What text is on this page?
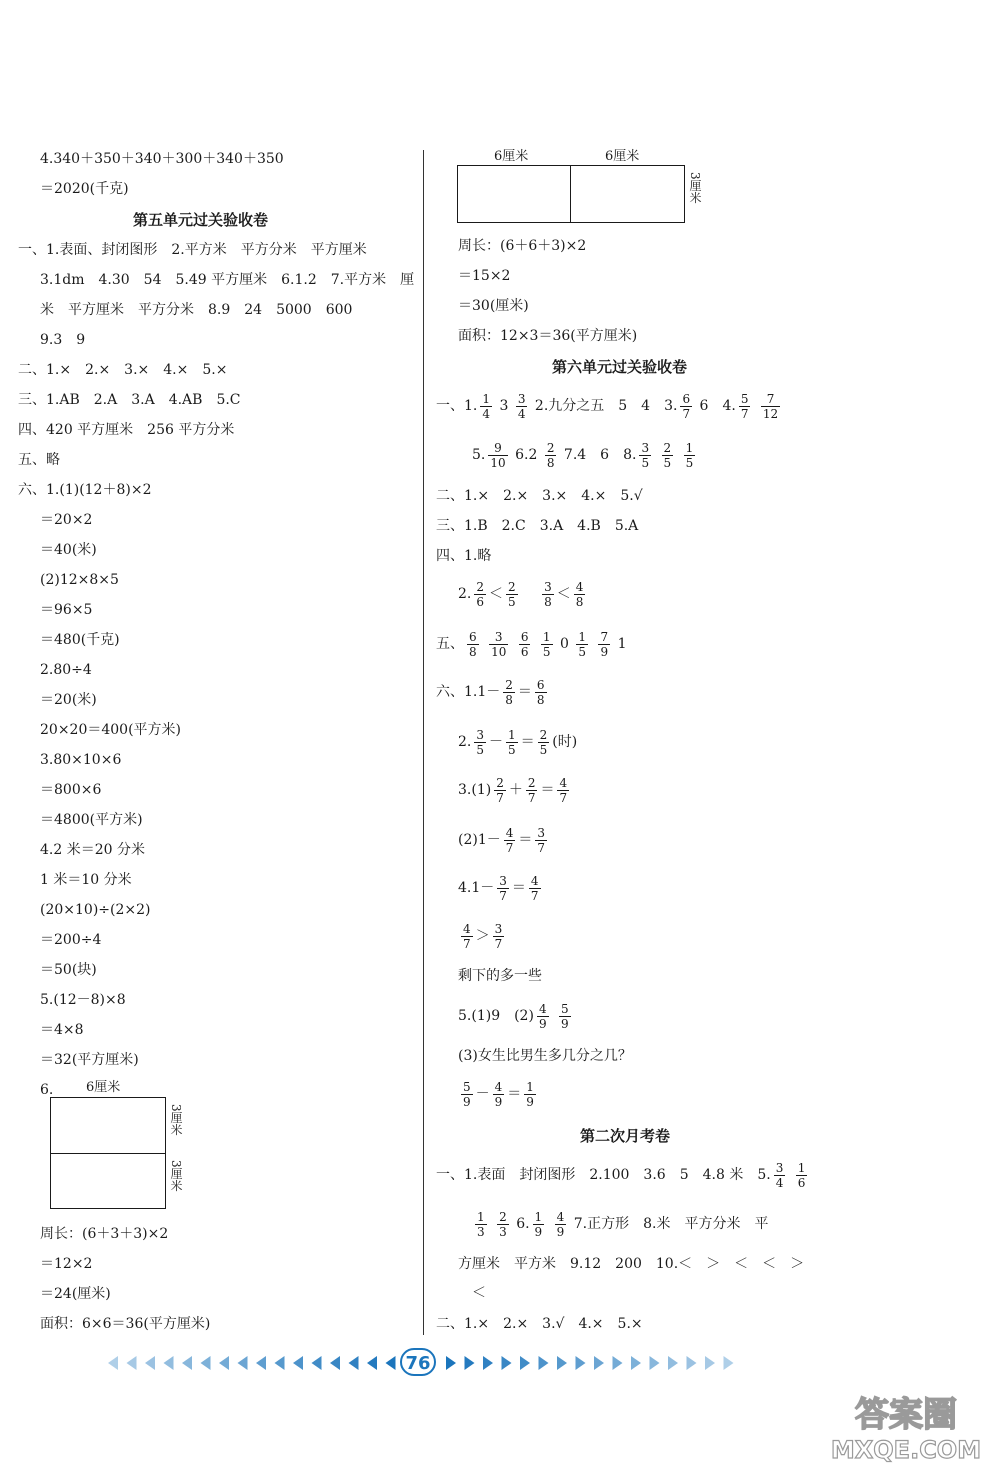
4.340＋350＋340＋300＋340＋350
＝2020(千克)
第五单元过关验收卷
一、1.表面、封闭图形　2.平方米　平方分米　平方厘米
3.1dm　4.30　54　5.49 平方厘米　6.1.2　7.平方米　厘
米　平方厘米　平方分米　8.9　24　5000　600
9.3　9
二、1.×　2.×　3.×　4.×　5.×
三、1.AB　2.A　3.A　4.AB　5.C
四、420 平方厘米　256 平方分米
五、略
六、1.(1)(12＋8)×2
＝20×2
＝40(米)
(2)12×8×5
＝96×5
＝480(千克)
2.80÷4
＝20(米)
20×20＝400(平方米)
3.80×10×6
＝800×6
＝4800(平方米)
4.2 米＝20 分米
1 米＝10 分米
(20×10)÷(2×2)
＝200÷4
＝50(块)
5.(12－8)×8
＝4×8
＝32(平方厘米)
6.	6厘米
3厘米
3厘米
周长：(6＋3＋3)×2
＝12×2
＝24(厘米)
面积：6×6＝36(平方厘米)
6厘米	6厘米
3厘米
周长：(6＋6＋3)×2
＝15×2
＝30(厘米)
面积：12×3＝36(平方厘米)
第六单元过关验收卷
一、1. $\frac{1}{4} 3 \frac{3}{4} 2$.九分之五　5　4　3. $\frac{6}{7} 6$　4. $\frac{5}{7}$
$\frac{7}{12}$
5. $\frac{9}{10} 6.2 \frac{2}{8} 7.4$　6　8. $\frac{3}{5}$
$\frac{2}{5}$
$\frac{1}{5}$
二、1.×　2.×　3.×　4.×　5.√
三、1.B　2.C　3.A　4.B　5.A
四、1.略
2. $\frac{2}{6} < \frac{2}{5}$
　 $\frac{3}{8} < \frac{4}{8}$
五、 $\frac{6}{8}$
$\frac{3}{10}$
$\frac{6}{6}$
$\frac{1}{5} 0 \frac{1}{5}$
$\frac{7}{9} 1$
六、$1.1- \frac{2}{8} = \frac{6}{8}$
2. $\frac{3}{5} - \frac{1}{5} = \frac{2}{5}$ (时)
$3.(1) \frac{2}{7} + \frac{2}{7} = \frac{4}{7}$
$(2)1- \frac{4}{7} = \frac{3}{7}$
$4.1- \frac{3}{7} = \frac{4}{7}$
$\frac{4}{7} > \frac{3}{7}$
剩下的多一些
5.(1)9　$(2) \frac{4}{9}$
$\frac{5}{9}$
(3)女生比男生多几分之几？
$\frac{5}{9} - \frac{4}{9} = \frac{1}{9}$
第二次月考卷
一、1.表面　封闭图形　2.100　3.6　5　4.8 米　5. $\frac{3}{4}$
$\frac{1}{6}$
$\frac{1}{3}$
$\frac{2}{3} 6$. $\frac{1}{9}$
$\frac{4}{9} 7$.正方形　8.米　平方分米　平
方厘米　平方米　9.12　200　10.＜　＞　＜　＜　＞
＜
二、1.×　2.×　3.√　4.×　5.×
76
答案圈
MXQE.COM
